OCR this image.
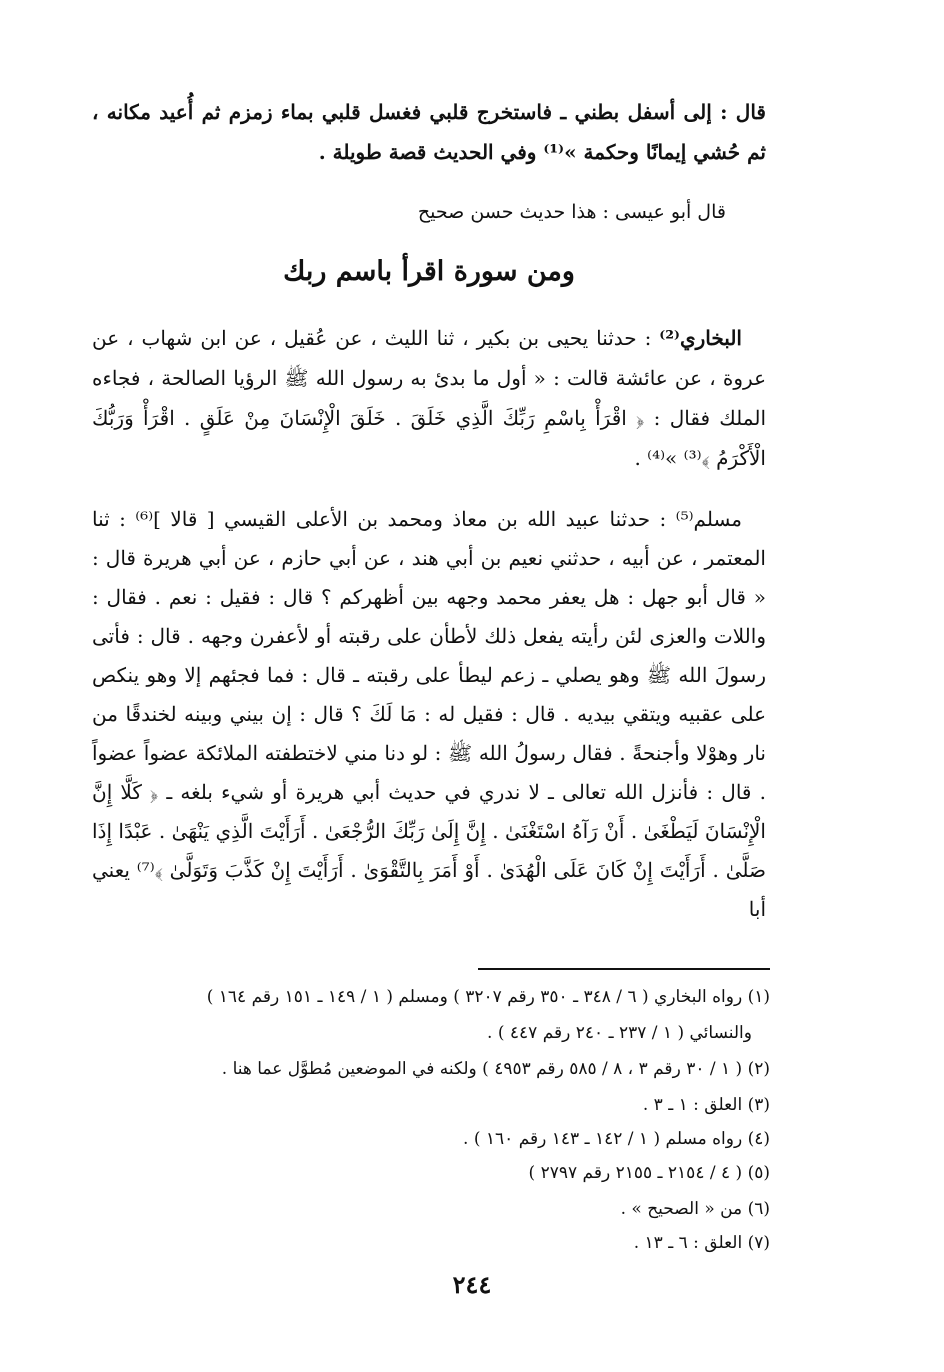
قال : إلى أسفل بطني ـ فاستخرج قلبي فغسل قلبي بماء زمزم ثم أُعيد مكانه ، ثم حُشي إيمانًا وحكمة »⁽¹⁾ وفي الحديث قصة طويلة .

قال أبو عيسى : هذا حديث حسن صحيح

ومن سورة اقرأ باسم ربك

البخاري⁽²⁾ : حدثنا يحيى بن بكير ، ثنا الليث ، عن عُقيل ، عن ابن شهاب ، عن عروة ، عن عائشة قالت : « أول ما بدئ به رسول الله ﷺ الرؤيا الصالحة ، فجاءه الملك فقال : ﴿ اقْرَأْ بِاسْمِ رَبِّكَ الَّذِي خَلَقَ . خَلَقَ الْإِنْسَانَ مِنْ عَلَقٍ . اقْرَأْ وَرَبُّكَ الْأَكْرَمُ ﴾⁽³⁾ »⁽⁴⁾ .

مسلم⁽⁵⁾ : حدثنا عبيد الله بن معاذ ومحمد بن الأعلى القيسي [ قالا ]⁽⁶⁾ : ثنا المعتمر ، عن أبيه ، حدثني نعيم بن أبي هند ، عن أبي حازم ، عن أبي هريرة قال : « قال أبو جهل : هل يعفر محمد وجهه بين أظهركم ؟ قال : فقيل : نعم . فقال : واللات والعزى لئن رأيته يفعل ذلك لأطأن على رقبته أو لأعفرن وجهه . قال : فأتى رسولَ الله ﷺ وهو يصلي ـ زعم ليطأ على رقبته ـ قال : فما فجئهم إلا وهو ينكص على عقبيه ويتقي بيديه . قال : فقيل له : مَا لَكَ ؟ قال : إن بيني وبينه لخندقًا من نار وهوْلا وأجنحةً . فقال رسولُ الله ﷺ : لو دنا مني لاختطفته الملائكة عضواً عضواً . قال : فأنزل الله تعالى ـ لا ندري في حديث أبي هريرة أو شيء بلغه ـ ﴿ كَلَّا إِنَّ الْإِنْسَانَ لَيَطْغَىٰ . أَنْ رَآهُ اسْتَغْنَىٰ . إِنَّ إِلَىٰ رَبِّكَ الرُّجْعَىٰ . أَرَأَيْتَ الَّذِي يَنْهَىٰ . عَبْدًا إِذَا صَلَّىٰ . أَرَأَيْتَ إِنْ كَانَ عَلَى الْهُدَىٰ . أَوْ أَمَرَ بِالتَّقْوَىٰ . أَرَأَيْتَ إِنْ كَذَّبَ وَتَوَلَّىٰ ﴾⁽⁷⁾ يعني أبا

(١) رواه البخاري ( ٦ / ٣٤٨ ـ ٣٥٠ رقم ٣٢٠٧ ) ومسلم ( ١ / ١٤٩ ـ ١٥١ رقم ١٦٤ )

والنسائي ( ١ / ٢٣٧ ـ ٢٤٠ رقم ٤٤٧ ) .

(٢) ( ١ / ٣٠ رقم ٣ ، ٨ / ٥٨٥ رقم ٤٩٥٣ ) ولكنه في الموضعين مُطوَّل عما هنا .

(٣) العلق : ١ ـ ٣ .

(٤) رواه مسلم ( ١ / ١٤٢ ـ ١٤٣ رقم ١٦٠ ) .

(٥) ( ٤ / ٢١٥٤ ـ ٢١٥٥ رقم ٢٧٩٧ )

(٦) من « الصحيح » .

(٧) العلق : ٦ ـ ١٣ .

٢٤٤
